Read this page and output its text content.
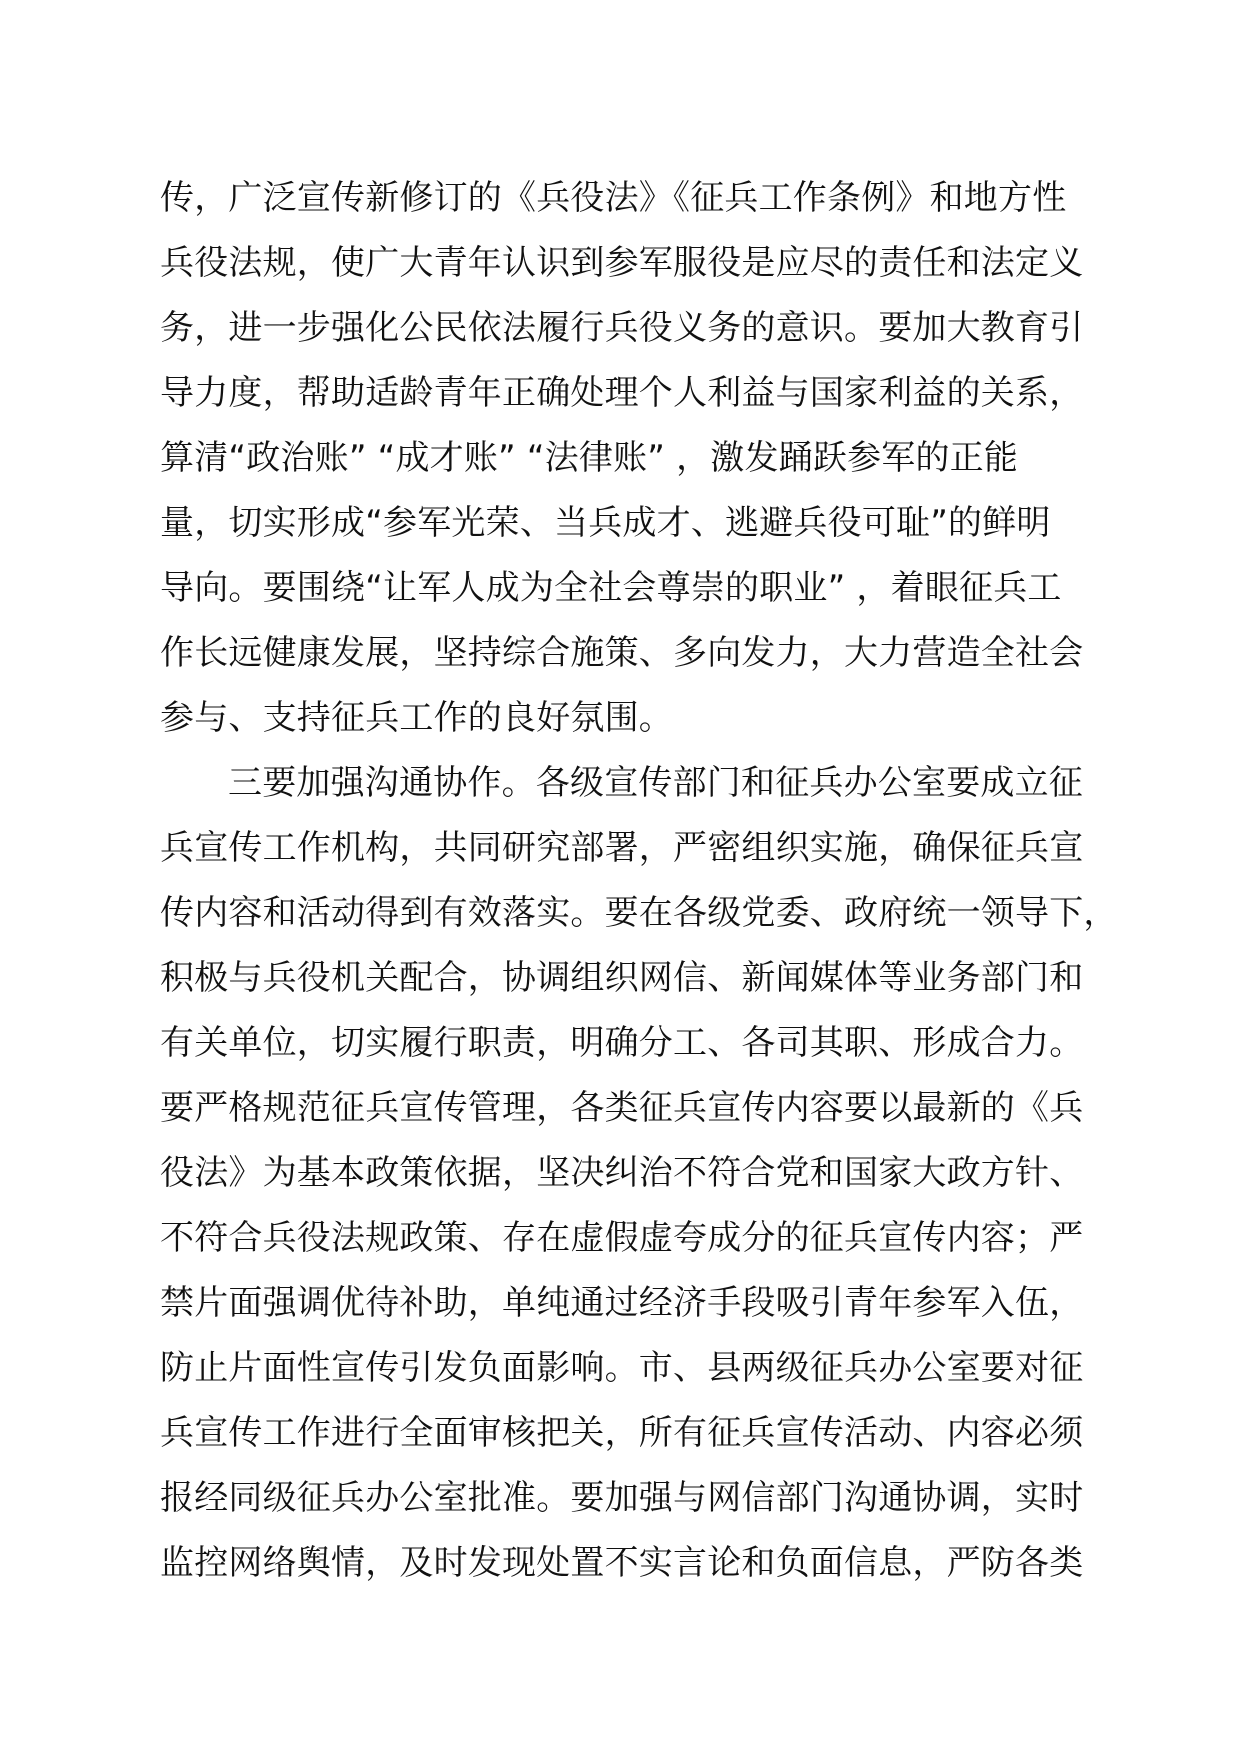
传，广泛宣传新修订的《兵役法》《征兵工作条例》和地方性
兵役法规，使广大青年认识到参军服役是应尽的责任和法定义
务，进一步强化公民依法履行兵役义务的意识。要加大教育引
导力度，帮助适龄青年正确处理个人利益与国家利益的关系，
算清“政治账” “成才账” “法律账” ，激发踊跃参军的正能
量，切实形成“参军光荣、当兵成才、逃避兵役可耻”的鲜明
导向。要围绕“让军人成为全社会尊崇的职业” ，着眼征兵工
作长远健康发展，坚持综合施策、多向发力，大力营造全社会
参与、支持征兵工作的良好氛围。
三要加强沟通协作。各级宣传部门和征兵办公室要成立征
兵宣传工作机构，共同研究部署，严密组织实施，确保征兵宣
传内容和活动得到有效落实。要在各级党委、政府统一领导下，
积极与兵役机关配合，协调组织网信、新闻媒体等业务部门和
有关单位，切实履行职责，明确分工、各司其职、形成合力。
要严格规范征兵宣传管理，各类征兵宣传内容要以最新的《兵
役法》为基本政策依据，坚决纠治不符合党和国家大政方针、
不符合兵役法规政策、存在虚假虚夸成分的征兵宣传内容；严
禁片面强调优待补助，单纯通过经济手段吸引青年参军入伍，
防止片面性宣传引发负面影响。市、县两级征兵办公室要对征
兵宣传工作进行全面审核把关，所有征兵宣传活动、内容必须
报经同级征兵办公室批准。要加强与网信部门沟通协调，实时
监控网络舆情，及时发现处置不实言论和负面信息，严防各类
